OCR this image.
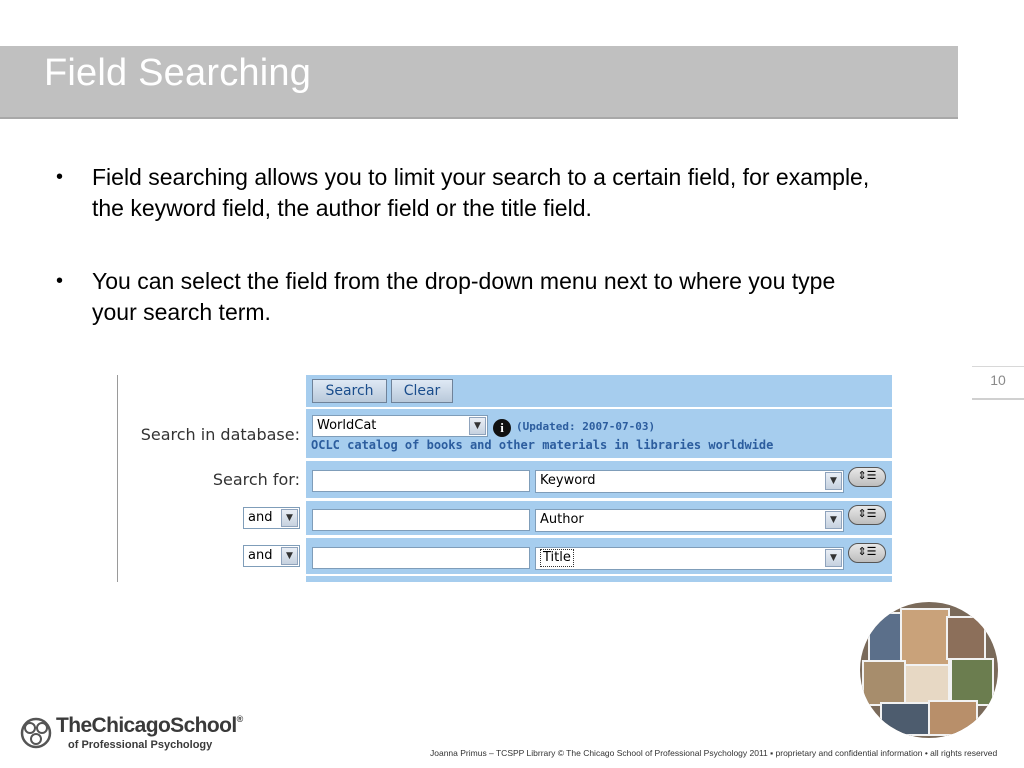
Field Searching
• Field searching allows you to limit your search to a certain field, for example, the keyword field, the author field or the title field.
• You can select the field from the drop-down menu next to where you type your search term.
10
Search	Clear
Search in database:	WorldCat	▼	i	(Updated: 2007-07-03)
OCLC catalog of books and other materials in libraries worldwide
Search for:	Keyword	▼	⇕☰
and	▼	Author	▼	⇕☰
and	▼	Title	▼	⇕☰
TheChicagoSchool®
of Professional Psychology
Joanna Primus – TCSPP Librrary © The Chicago School of Professional Psychology 2011 ▪ proprietary and confidential information • all rights reserved
